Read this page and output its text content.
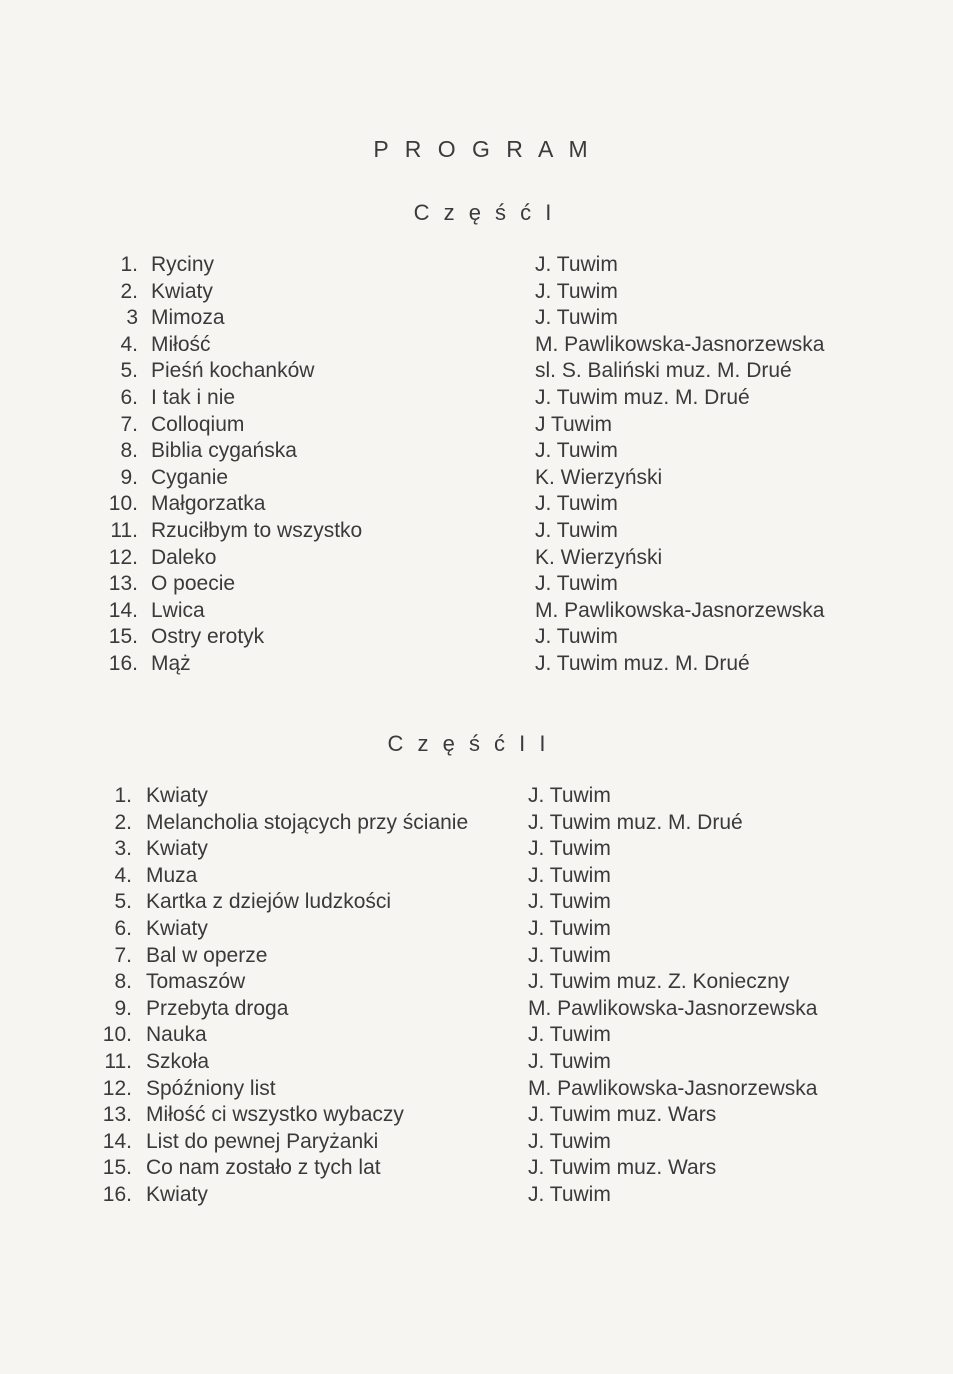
P R O G R A M
C z ę ś ć I
1. Ryciny	J. Tuwim
2. Kwiaty	J. Tuwim
3 Mimoza	J. Tuwim
4. Miłość	M. Pawlikowska-Jasnorzewska
5. Pieśń kochanków	sl. S. Baliński muz. M. Drué
6. I tak i nie	J. Tuwim muz. M. Drué
7. Colloqium	J Tuwim
8. Biblia cygańska	J. Tuwim
9. Cyganie	K. Wierzyński
10. Małgorzatka	J. Tuwim
11. Rzuciłbym to wszystko	J. Tuwim
12. Daleko	K. Wierzyński
13. O poecie	J. Tuwim
14. Lwica	M. Pawlikowska-Jasnorzewska
15. Ostry erotyk	J. Tuwim
16. Mąż	J. Tuwim muz. M. Drué
C z ę ś ć I I
1. Kwiaty	J. Tuwim
2. Melancholia stojących przy ścianie	J. Tuwim muz. M. Drué
3. Kwiaty	J. Tuwim
4. Muza	J. Tuwim
5. Kartka z dziejów ludzkości	J. Tuwim
6. Kwiaty	J. Tuwim
7. Bal w operze	J. Tuwim
8. Tomaszów	J. Tuwim muz. Z. Konieczny
9. Przebyta droga	M. Pawlikowska-Jasnorzewska
10. Nauka	J. Tuwim
11. Szkoła	J. Tuwim
12. Spóźniony list	M. Pawlikowska-Jasnorzewska
13. Miłość ci wszystko wybaczy	J. Tuwim muz. Wars
14. List do pewnej Paryżanki	J. Tuwim
15. Co nam zostało z tych lat	J. Tuwim muz. Wars
16. Kwiaty	J. Tuwim
